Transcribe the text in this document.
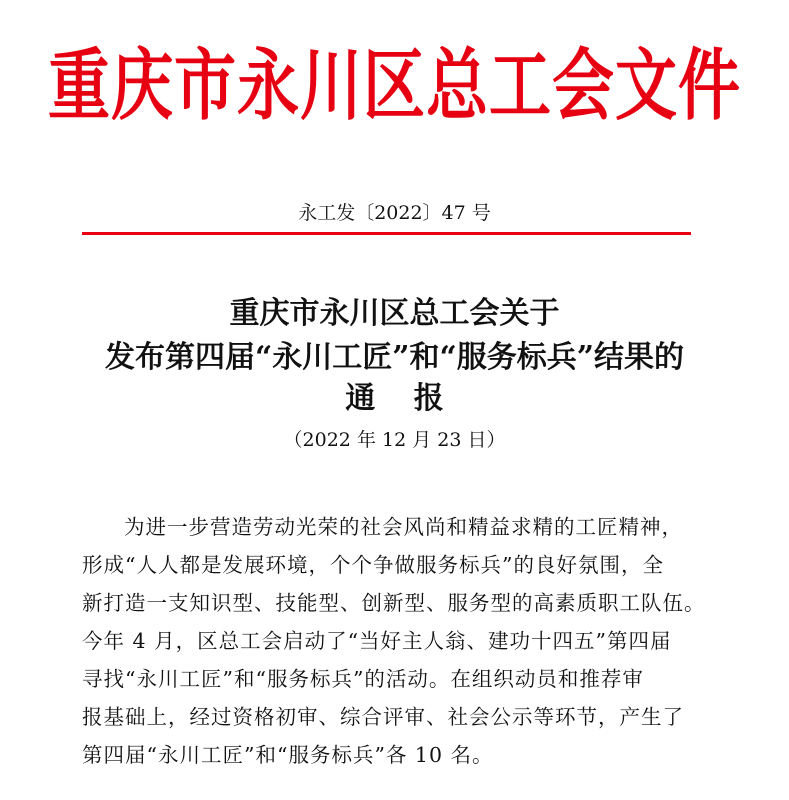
重庆市永川区总工会文件
永工发〔2022〕47 号
重庆市永川区总工会关于
发布第四届“永川工匠”和“服务标兵”结果的
通 报
（2022 年 12 月 23 日）
为进一步营造劳动光荣的社会风尚和精益求精的工匠精神，
形成“人人都是发展环境，个个争做服务标兵”的良好氛围，全
新打造一支知识型、技能型、创新型、服务型的高素质职工队伍。
今年 4 月，区总工会启动了“当好主人翁、建功十四五”第四届
寻找“永川工匠”和“服务标兵”的活动。在组织动员和推荐审
报基础上，经过资格初审、综合评审、社会公示等环节，产生了
第四届“永川工匠”和“服务标兵”各 10 名。
